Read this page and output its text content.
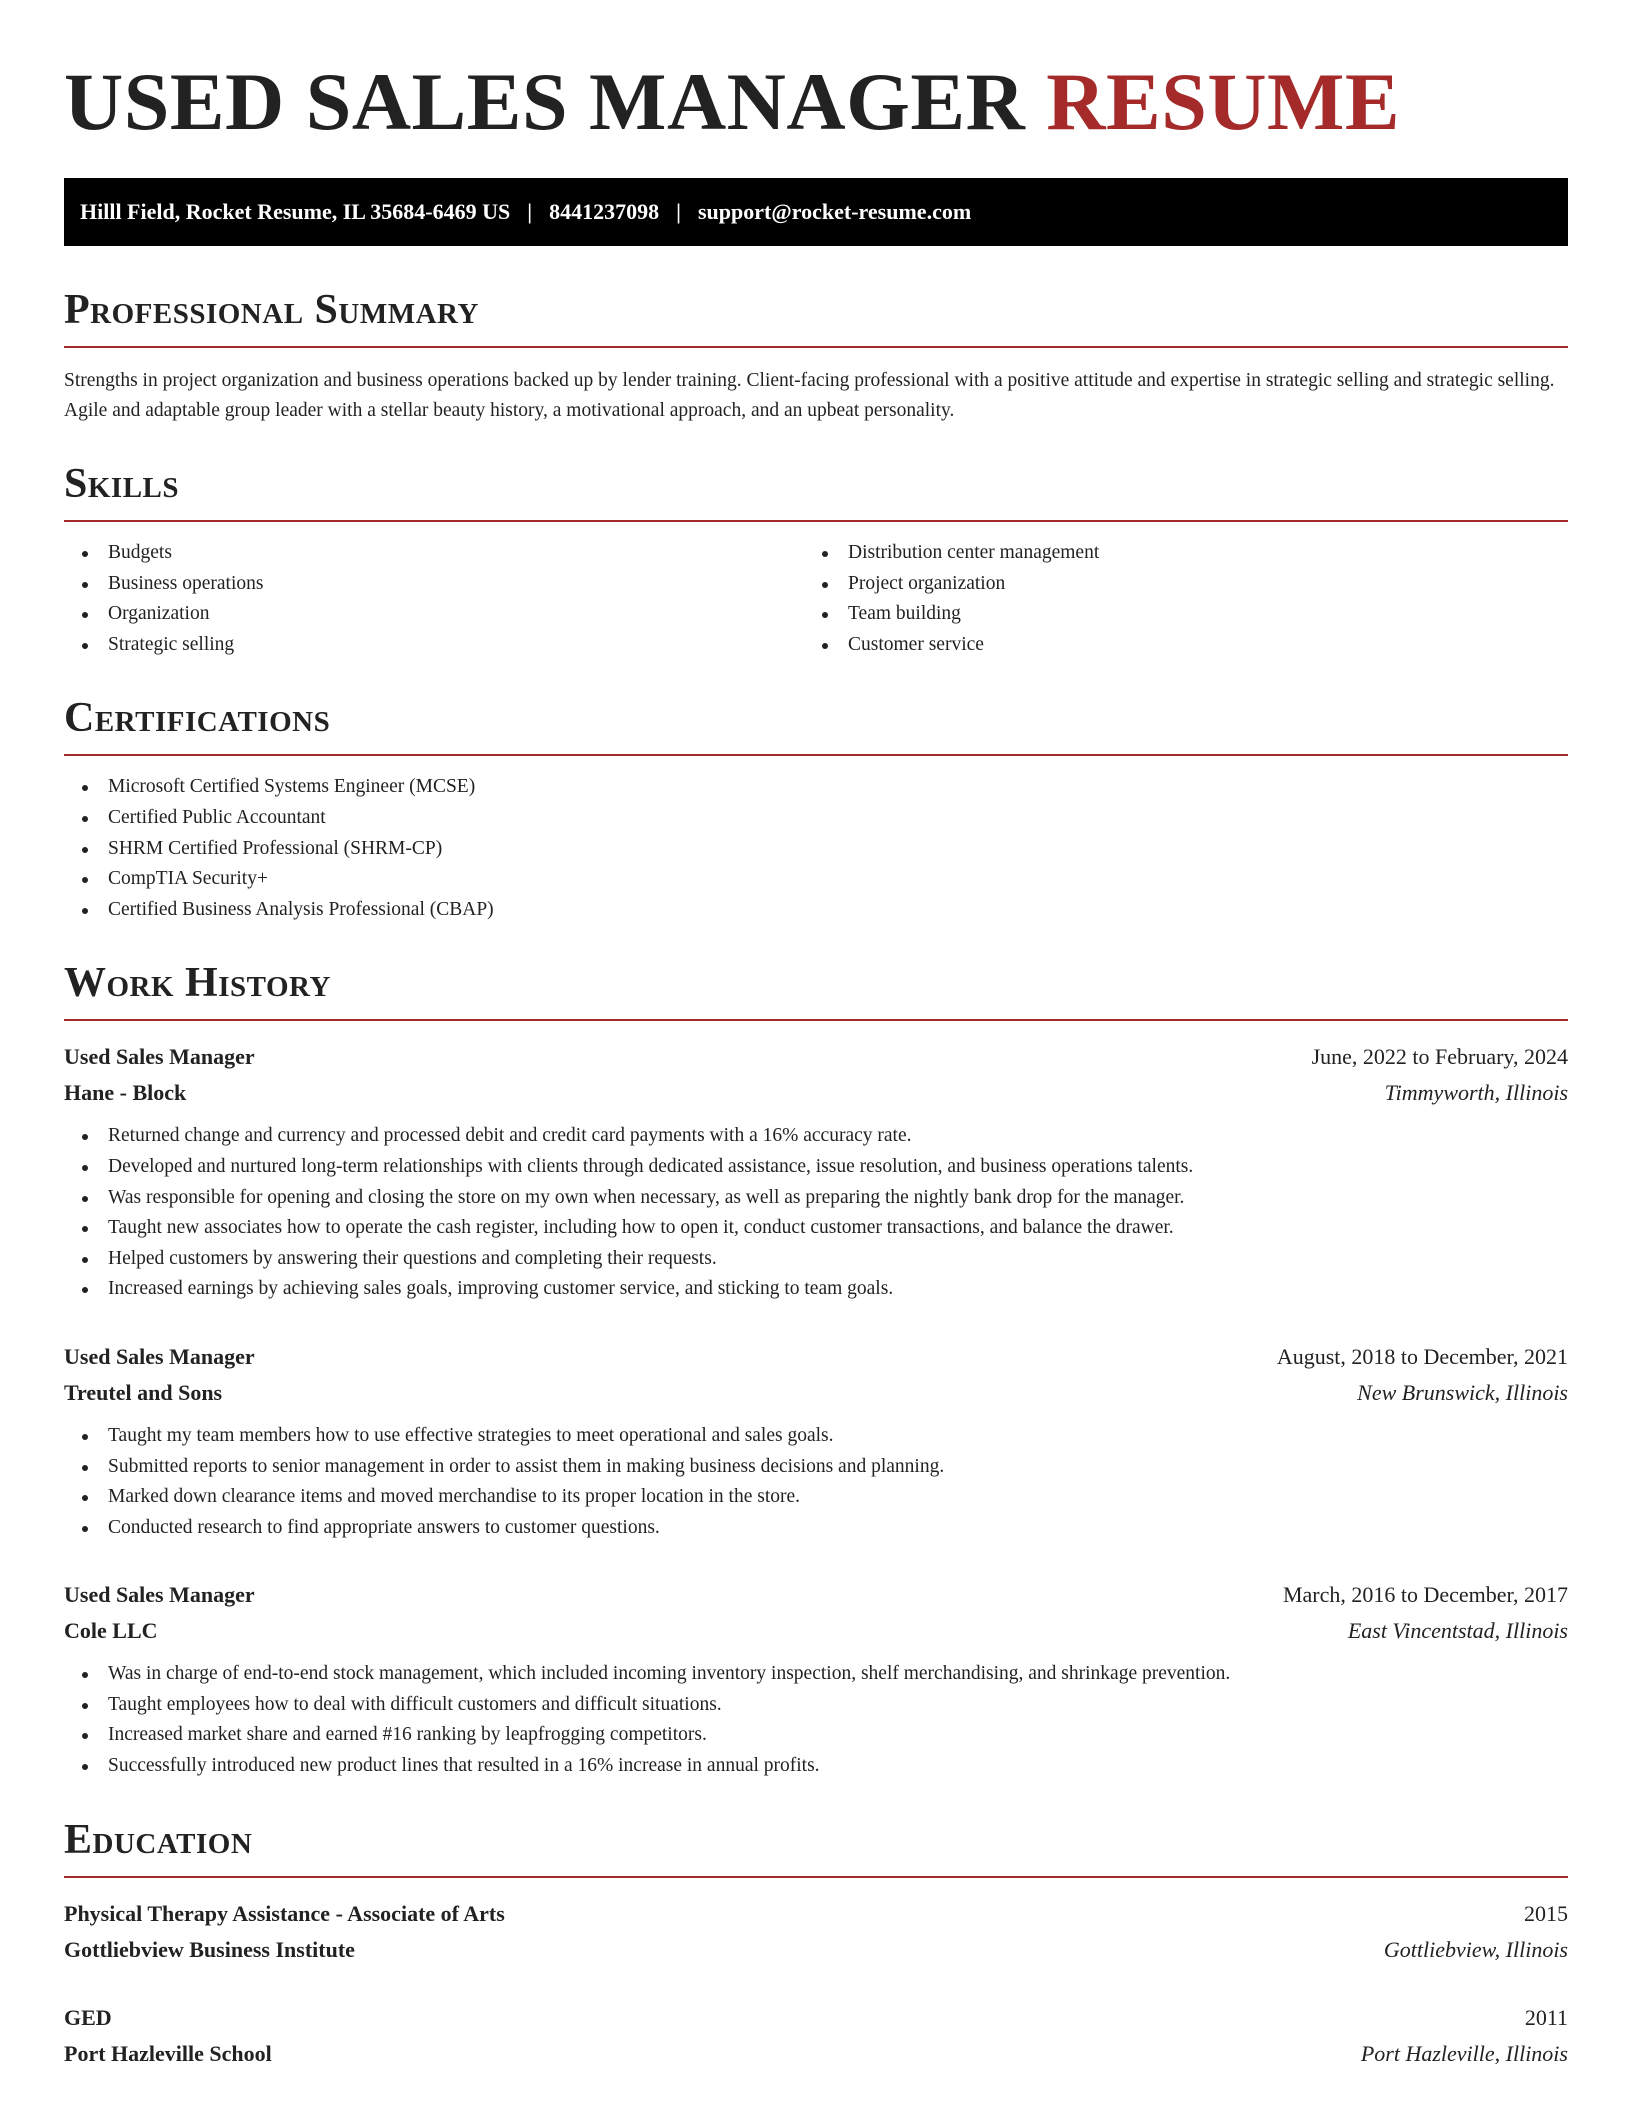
USED SALES MANAGER RESUME
Hilll Field, Rocket Resume, IL 35684-6469 US | 8441237098 | support@rocket-resume.com
Professional Summary

Strengths in project organization and business operations backed up by lender training. Client-facing professional with a positive attitude and expertise in strategic selling and strategic selling. Agile and adaptable group leader with a stellar beauty history, a motivational approach, and an upbeat personality.

Skills
Budgets
Business operations
Organization
Strategic selling
Distribution center management
Project organization
Team building
Customer service
Certifications
Microsoft Certified Systems Engineer (MCSE)
Certified Public Accountant
SHRM Certified Professional (SHRM-CP)
CompTIA Security+
Certified Business Analysis Professional (CBAP)
Work History
Used Sales Manager	June, 2022 to February, 2024
Hane - Block	Timmyworth, Illinois
Returned change and currency and processed debit and credit card payments with a 16% accuracy rate.
Developed and nurtured long-term relationships with clients through dedicated assistance, issue resolution, and business operations talents.
Was responsible for opening and closing the store on my own when necessary, as well as preparing the nightly bank drop for the manager.
Taught new associates how to operate the cash register, including how to open it, conduct customer transactions, and balance the drawer.
Helped customers by answering their questions and completing their requests.
Increased earnings by achieving sales goals, improving customer service, and sticking to team goals.
Used Sales Manager	August, 2018 to December, 2021
Treutel and Sons	New Brunswick, Illinois
Taught my team members how to use effective strategies to meet operational and sales goals.
Submitted reports to senior management in order to assist them in making business decisions and planning.
Marked down clearance items and moved merchandise to its proper location in the store.
Conducted research to find appropriate answers to customer questions.
Used Sales Manager	March, 2016 to December, 2017
Cole LLC	East Vincentstad, Illinois
Was in charge of end-to-end stock management, which included incoming inventory inspection, shelf merchandising, and shrinkage prevention.
Taught employees how to deal with difficult customers and difficult situations.
Increased market share and earned #16 ranking by leapfrogging competitors.
Successfully introduced new product lines that resulted in a 16% increase in annual profits.
Education
Physical Therapy Assistance - Associate of Arts	2015
Gottliebview Business Institute	Gottliebview, Illinois
GED	2011
Port Hazleville School	Port Hazleville, Illinois
